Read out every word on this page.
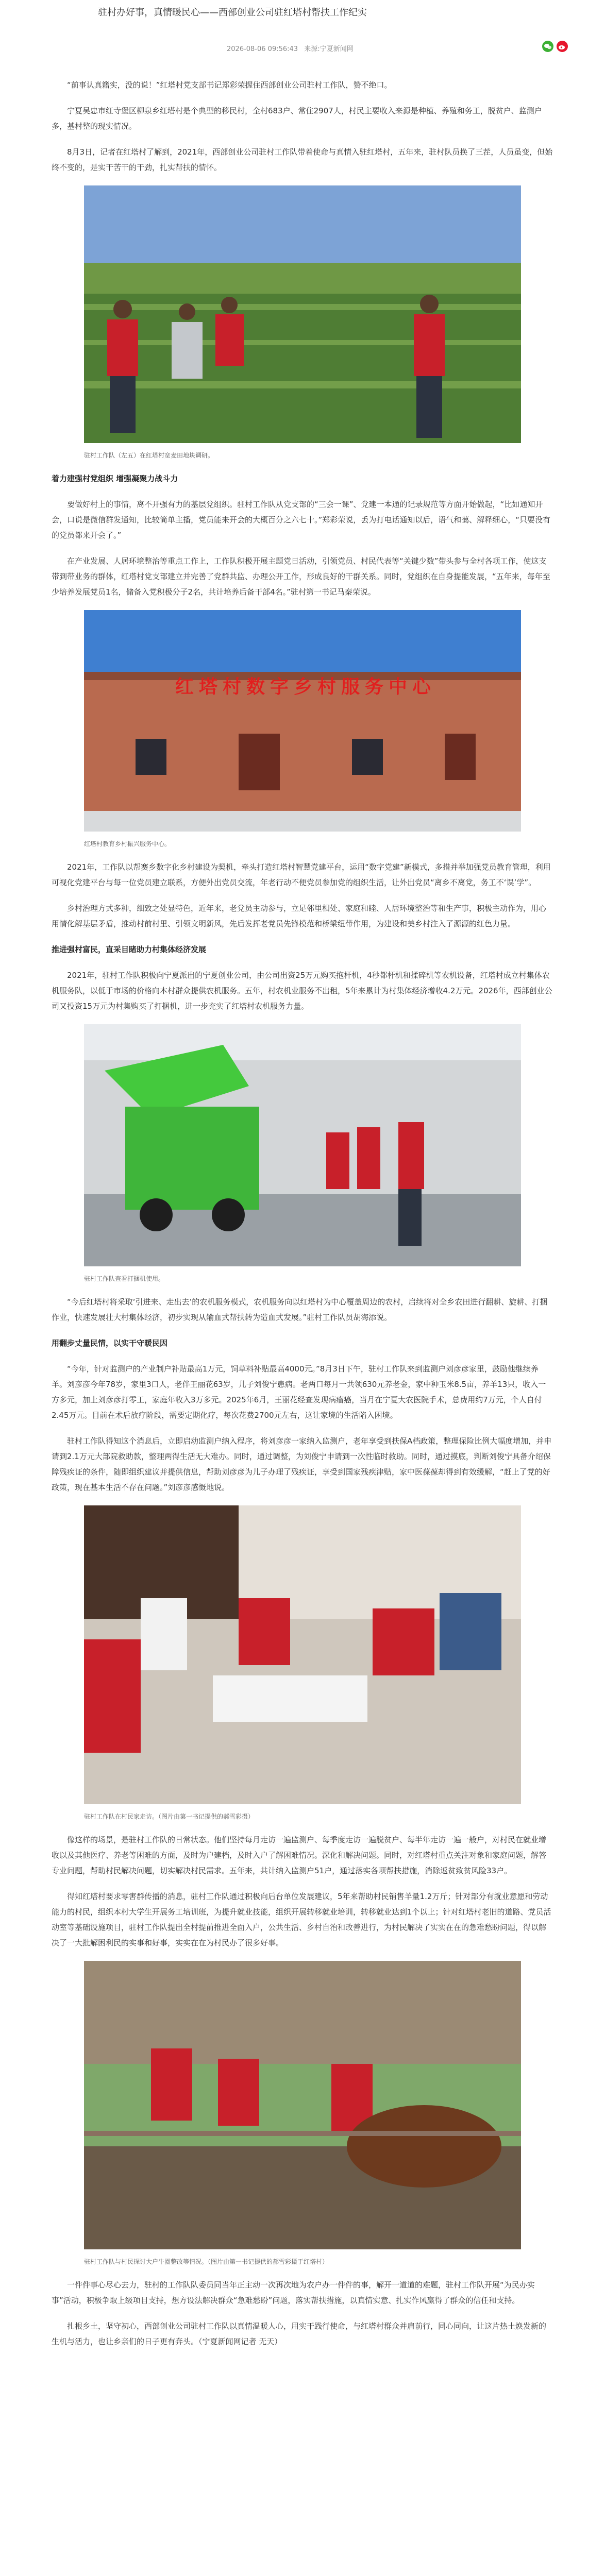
驻村办好事，真情暖民心——西部创业公司驻红塔村帮扶工作纪实
2026-08-06 09:56:43 来源:宁夏新闻网

“前事认真籍实，没的说！”红塔村党支部书记郑彩荣握住西部创业公司驻村工作队，赞不绝口。

宁夏吴忠市红寺堡区柳泉乡红塔村是个典型的移民村，全村683户、常住2907人，村民主要收入来源是种植、养殖和务工，脱贫户、监测户多，基村整的现实情况。

8月3日，记者在红塔村了解到，2021年，西部创业公司驻村工作队带着使命与真情入驻红塔村，五年来，驻村队员换了三茬，人员虽变，但始终不变的，是实干苦干的干劲，扎实帮扶的情怀。

驻村工作队（左五）在红塔村宽麦田地块调研。

着力建强村党组织 增强凝聚力战斗力

要做好村上的事情，离不开强有力的基层党组织。驻村工作队从党支部的“三会一课”、党建一本通的记录规范等方面开始做起，“比如通知开会，口说是微信群发通知，比较简单主播，党员能来开会的大概百分之六七十。”郑彩荣说，丢为打电话通知以后，语气和蔼、解释细心，“只要没有的党员都来开会了。”

在产业发展、人居环境整治等重点工作上，工作队积极开展主题党日活动，引领党员、村民代表等“关键少数”带头参与全村各项工作，使这支带到带业务的群体，红塔村党支部建立并完善了党群共监、办理公开工作，形成良好的干群关系。同时，党组织在自身提能发展，“五年来，每年至少培养发展党员1名，储备入党积极分子2名，共计培养后备干部4名。”驻村第一书记马秦荣说。

红塔村数字乡村服务中心
红塔村教育乡村振兴服务中心。

2021年，工作队以帮赛乡数字化乡村建设为契机，牵头打造红塔村智慧党建平台，运用“数字党建”新模式，多措并举加强党员教育管理，利用可视化党建平台与每一位党员建立联系，方便外出党员交流，年老行动不便党员参加党的组织生活，让外出党员“离乡不离党，务工不‘误’学”。

乡村治理方式多种，细致之处显特色，近年来，老党员主动参与，立足邻里相处、家庭和睦、人居环境整治等和生产事，积极主动作为，用心用情化解基层矛盾，推动村前村里、引领文明新风，先后发挥老党员先锋模范和桥梁纽带作用，为建设和美乡村注入了源源的红色力量。

推进强村富民，直采目睹助力村集体经济发展

2021年，驻村工作队积极向宁夏派出的宁夏创业公司，由公司出资25万元购买抱杆机，4秒都杆机和揉碎机等农机设备，红塔村成立村集体农机服务队，以低于市场的价格向本村群众提供农机服务。五年，村农机业服务不出租，5年来累计为村集体经济增收4.2万元。2026年，西部创业公司又投资15万元为村集购买了打捆机，进一步充实了红塔村农机服务力量。

驻村工作队查看打捆机使用。

“今后红塔村将采取‘引进来、走出去’的农机服务模式，农机服务向以红塔村为中心覆盖周边的农村，启续将对全乡农田进行翻耕、旋耕、打捆作业，快速发展壮大村集体经济，初步实现从输血式帮扶转为造血式发展。”驻村工作队员胡海添说。

用翻步丈量民情，以实干守暖民因

“今年，针对监测户的产业制户补贴最高1万元，饲草料补贴最高4000元。”8月3日下午，驻村工作队来到监测户刘彦彦家里，鼓励他继续养羊。刘彦彦今年78岁，家里3口人，老伴王丽花63岁，儿子刘俊宁患病。老两口每月一共领630元养老金，家中种玉米8.5亩，养羊13只，收入一方多元，加上刘彦彦打零工，家庭年收入3万多元。2025年6月，王丽花经查发现病瘤癌，当月在宁夏大农医院手术，总费用约7万元，个人自付2.45万元。目前在术后放疗阶段，需要定期化疗，每次花费2700元左右，这让家境的生活陷入困境。

驻村工作队得知这个消息后，立即启动监测户纳入程序，将刘彦彦一家纳入监测户，老年享受到扶保A档政策，整理保险比例大幅度增加，并申请到2.1万元大部院救助款，整理两得生活无大难办。同时，通过调整，为刘俊宁申请到一次性临时救助。同时，通过摸底，判断刘俊宁具备介绍保障残疾证的条件，随即组织建议并提供信息，帮助刘彦彦为儿子办理了残疾证，享受到国家残疾津贴，家中医葆葆却得到有效缓解，“赶上了党的好政策，现在基本生活不存在问题。”刘彦彦感慨地说。

驻村工作队在村民家走访。（图片由第一书记提供的郝雪彩摄）

像这样的场景，是驻村工作队的日常状态。他们坚持每月走访一遍监测户、每季度走访一遍脱贫户、每半年走访一遍一般户，对村民在就业增收以及其他医疗、养老等困难的方面，及时为户建档，及时入户了解困难情况。深化和解决问题。同时，对红塔村重点关注对象和家庭问题，解答专业问题，帮助村民解决问题，切实解决村民需求。五年来，共计纳入监测户51户，通过落实各项帮扶措施，消除返贫致贫风险33户。

得知红塔村要求零害群传播的消息，驻村工作队通过积极向后台单位发展建议，5年来帮助村民销售羊量1.2万斤；针对部分有就业意愿和劳动能力的村民，组织本村大学生开展务工培训班，为提升就业技能，组织开展转移就业培训，转移就业达到1个以上；针对红塔村老旧的道路、党员活动室等基础设施项目，驻村工作队提出全村提前推进全面入户，公共生活、乡村自治和改善进行，为村民解决了实实在在的急难愁盼问题，得以解决了一大批解困利民的实事和好事，实实在在为村民办了很多好事。

驻村工作队与村民探讨大户牛圈整改等情况。（图片由第一书记提供的郝雪彩摄于红塔村）

一件件事心尽心去力，驻村的工作队队委员同当年正主动一次再次地为农户办一件件的事，解开一道道的难题，驻村工作队开展“为民办实事”活动，积极争取上级项目支持，想方设法解决群众“急难愁盼”问题，落实帮扶措施，以真情实意、扎实作风赢得了群众的信任和支持。

扎根乡土，坚守初心，西部创业公司驻村工作队以真情温暖人心，用实干践行使命，与红塔村群众并肩前行，同心同向，让这片热土焕发新的生机与活力，也让乡亲们的日子更有奔头。（宁夏新闻网记者 无天）
